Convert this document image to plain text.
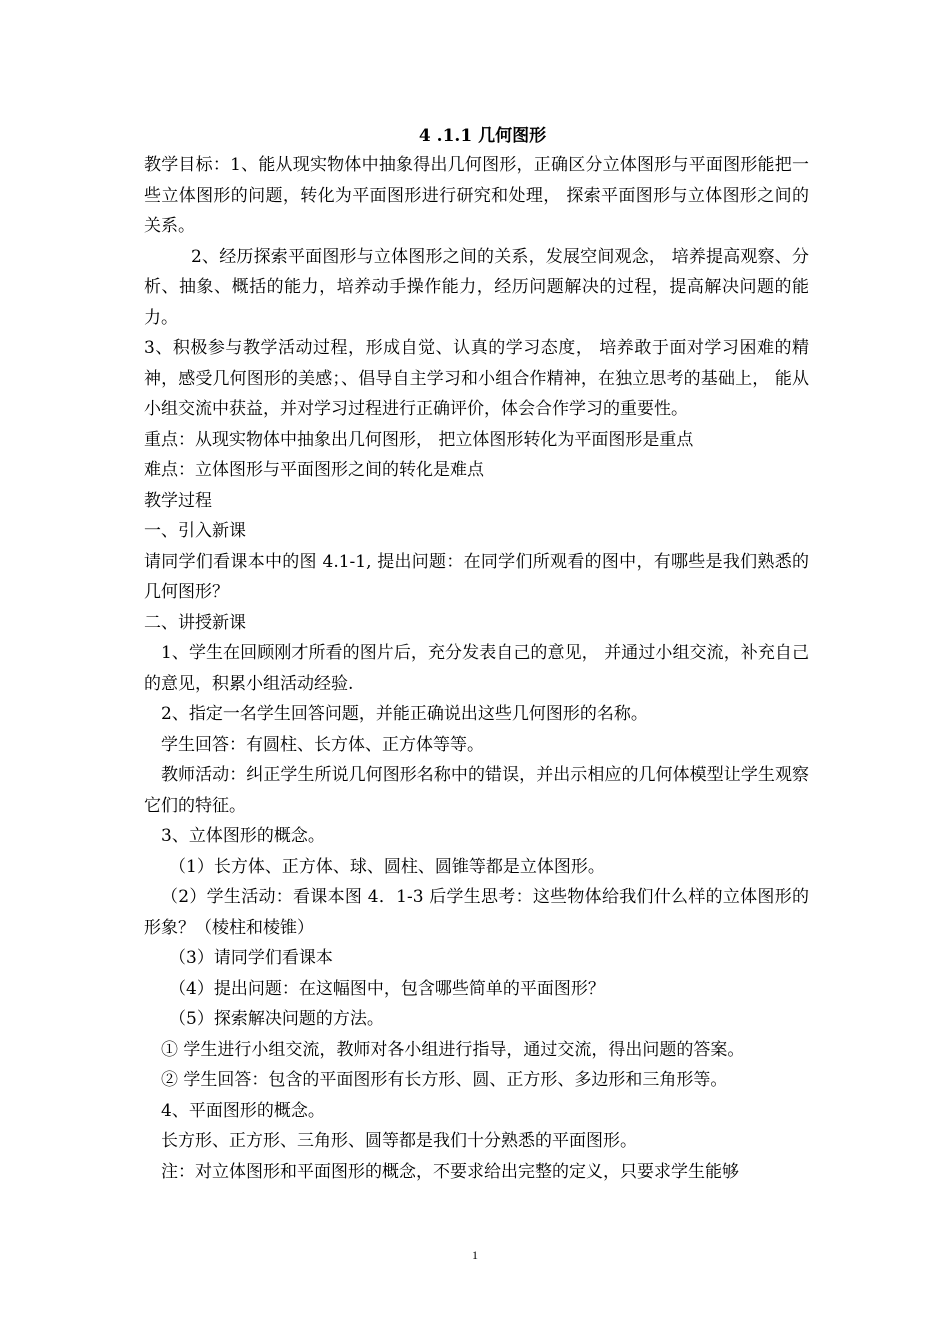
4 .1.1 几何图形

教学目标：1、能从现实物体中抽象得出几何图形，正确区分立体图形与平面图形能把一些立体图形的问题，转化为平面图形进行研究和处理， 探索平面图形与立体图形之间的关系。

2、经历探索平面图形与立体图形之间的关系，发展空间观念， 培养提高观察、分析、抽象、概括的能力，培养动手操作能力，经历问题解决的过程，提高解决问题的能力。

3、积极参与教学活动过程，形成自觉、认真的学习态度， 培养敢于面对学习困难的精神，感受几何图形的美感；、倡导自主学习和小组合作精神，在独立思考的基础上， 能从小组交流中获益，并对学习过程进行正确评价，体会合作学习的重要性。

重点：从现实物体中抽象出几何图形， 把立体图形转化为平面图形是重点

难点：立体图形与平面图形之间的转化是难点

教学过程

一、引入新课

请同学们看课本中的图 4.1-1, 提出问题：在同学们所观看的图中，有哪些是我们熟悉的几何图形？

二、讲授新课

1、学生在回顾刚才所看的图片后，充分发表自己的意见， 并通过小组交流，补充自己的意见，积累小组活动经验.

2、指定一名学生回答问题，并能正确说出这些几何图形的名称。

学生回答：有圆柱、长方体、正方体等等。

教师活动：纠正学生所说几何图形名称中的错误，并出示相应的几何体模型让学生观察它们的特征。

3、立体图形的概念。

（1）长方体、正方体、球、圆柱、圆锥等都是立体图形。

（2）学生活动：看课本图 4．1-3 后学生思考：这些物体给我们什么样的立体图形的形象？（棱柱和棱锥）

（3）请同学们看课本

（4）提出问题：在这幅图中，包含哪些简单的平面图形？

（5）探索解决问题的方法。

① 学生进行小组交流，教师对各小组进行指导，通过交流，得出问题的答案。

② 学生回答：包含的平面图形有长方形、圆、正方形、多边形和三角形等。

4、平面图形的概念。

长方形、正方形、三角形、圆等都是我们十分熟悉的平面图形。

注：对立体图形和平面图形的概念，不要求给出完整的定义，只要求学生能够

1
